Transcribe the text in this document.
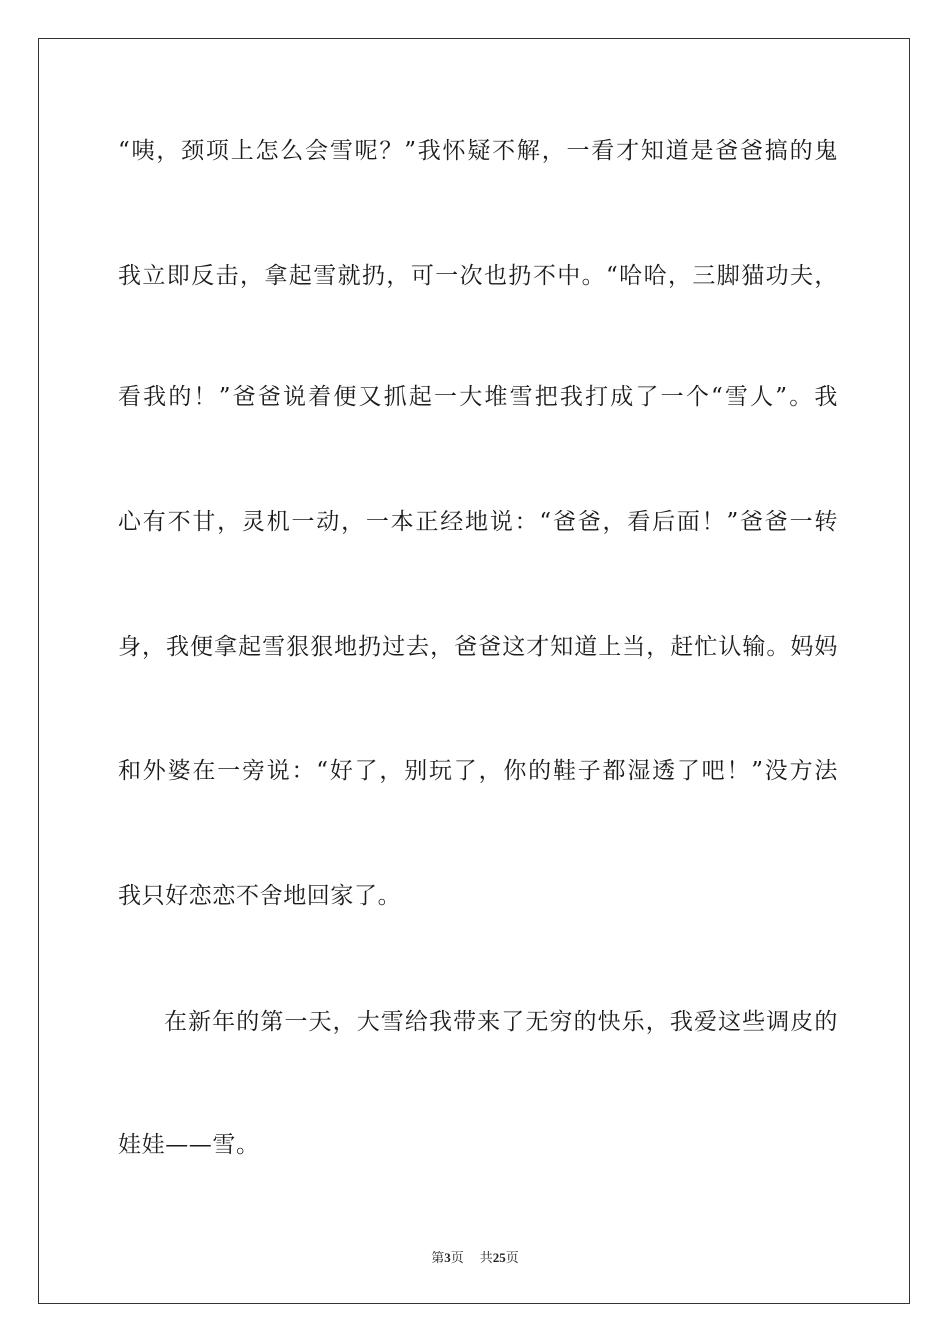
“咦，颈项上怎么会雪呢？”我怀疑不解，一看才知道是爸爸搞的鬼
我立即反击，拿起雪就扔，可一次也扔不中。“哈哈，三脚猫功夫，
看我的！”爸爸说着便又抓起一大堆雪把我打成了一个“雪人”。我
心有不甘，灵机一动，一本正经地说：“爸爸，看后面！”爸爸一转
身，我便拿起雪狠狠地扔过去，爸爸这才知道上当，赶忙认输。妈妈
和外婆在一旁说：“好了，别玩了，你的鞋子都湿透了吧！”没方法
我只好恋恋不舍地回家了。
在新年的第一天，大雪给我带来了无穷的快乐，我爱这些调皮的
娃娃——雪。
第3页 共25页
